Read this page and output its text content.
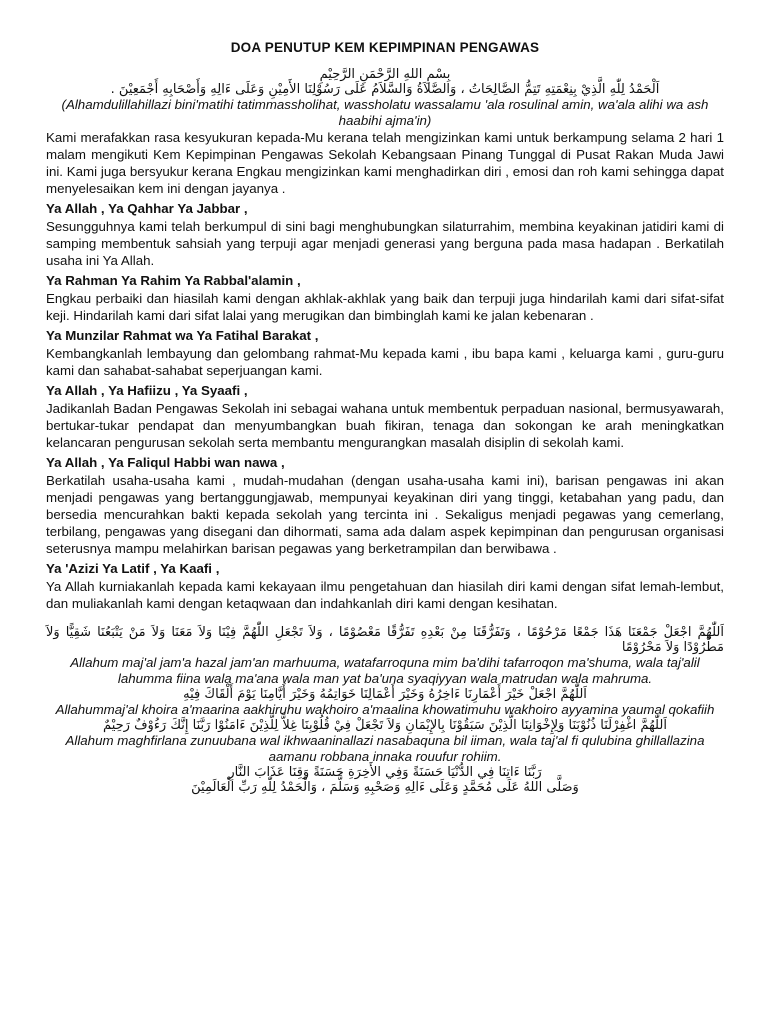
DOA PENUTUP KEM KEPIMPINAN PENGAWAS

بِسْمِ اللهِ الرَّحْمَنِ الرَّحِيْمِ

اَلْحَمْدُ لِلّٰهِ الَّذِيْ بِنِعْمَتِهِ تَتِمُّ الصَّالِحَاتُ ، وَالصَّلاَةُ وَالسَّلاَمُ عَلَى رَسُوْلِنَا الأَمِيْنِ وَعَلَى ءَالِهِ وَأَصْحَابِهِ أَجْمَعِيْنَ .

(Alhamdulillahillazi bini'matihi tatimmassholihat, wassholatu wassalamu 'ala rosulinal amin, wa'ala alihi wa ash haabihi ajma'in)

Kami merafakkan rasa kesyukuran kepada-Mu kerana telah mengizinkan kami untuk berkampung selama 2 hari 1 malam mengikuti Kem Kepimpinan Pengawas Sekolah Kebangsaan Pinang Tunggal di Pusat Rakan Muda Jawi ini. Kami juga bersyukur kerana Engkau mengizinkan kami menghadirkan diri , emosi dan roh kami sehingga dapat menyelesaikan kem ini dengan jayanya .

Ya Allah , Ya Qahhar Ya Jabbar ,

Sesungguhnya kami telah berkumpul di sini bagi menghubungkan silaturrahim, membina keyakinan jatidiri kami di samping membentuk sahsiah yang terpuji agar menjadi generasi yang berguna pada masa hadapan . Berkatilah usaha ini Ya Allah.

Ya Rahman Ya Rahim Ya Rabbal'alamin ,

Engkau perbaiki dan hiasilah kami dengan akhlak-akhlak yang baik dan terpuji juga hindarilah kami dari sifat-sifat keji. Hindarilah kami dari sifat lalai yang merugikan dan bimbinglah kami ke jalan kebenaran .

Ya Munzilar Rahmat wa Ya Fatihal Barakat ,

Kembangkanlah lembayung dan gelombang rahmat-Mu kepada kami , ibu bapa kami , keluarga kami , guru-guru kami dan sahabat-sahabat seperjuangan kami.

Ya Allah , Ya Hafiizu , Ya Syaafi ,

Jadikanlah Badan Pengawas Sekolah ini sebagai wahana untuk membentuk perpaduan nasional, bermusyawarah, bertukar-tukar pendapat dan menyumbangkan buah fikiran, tenaga dan sokongan ke arah meningkatkan kelancaran pengurusan sekolah serta membantu mengurangkan masalah disiplin di sekolah kami.

Ya Allah , Ya Faliqul Habbi wan nawa ,

Berkatilah usaha-usaha kami , mudah-mudahan (dengan usaha-usaha kami ini), barisan pengawas ini akan menjadi pengawas yang bertanggungjawab, mempunyai keyakinan diri yang tinggi, ketabahan yang padu, dan bersedia mencurahkan bakti kepada sekolah yang tercinta ini . Sekaligus menjadi pegawas yang cemerlang, terbilang, pengawas yang disegani dan dihormati, sama ada dalam aspek kepimpinan dan pengurusan organisasi seterusnya mampu melahirkan barisan pegawas yang berketrampilan dan berwibawa .

Ya 'Azizi Ya Latif , Ya Kaafi ,

Ya Allah kurniakanlah kepada kami kekayaan ilmu pengetahuan dan hiasilah diri kami dengan sifat lemah-lembut, dan muliakanlah kami dengan ketaqwaan dan indahkanlah diri kami dengan kesihatan.

اَللّٰهُمَّ اجْعَلْ جَمْعَنَا هَذَا جَمْعًا مَرْحُوْمًا ، وَتَفَرُّقَنَا مِنْ بَعْدِهِ تَفَرُّقًا مَعْصُوْمًا ، وَلاَ تَجْعَلِ اللّٰهُمَّ فِيْنَا وَلاَ مَعَنَا وَلاَ مَنْ يَتْبَعُنَا شَقِيًّا وَلاَ مَطْرُوْدًا وَلاَ مَحْرُوْمًا

Allahum maj'al jam'a hazal jam'an marhuuma, watafarroquna mim ba'dihi tafarroqon ma'shuma, wala taj'alil lahumma fiina wala ma'ana wala man yat ba'una syaqiyyan wala matrudan wala mahruma.

اَللّٰهُمَّ اجْعَلْ خَيْرَ أَعْمَارِنَا ءَاخِرُهُ وَخَيْرَ أَعْمَالِنَا خَوَاتِمُهُ وَخَيْرَ أَيَّامِنَا يَوْمَ أَلْقَاكَ فِيْهِ

Allahummaj'al khoira a'maarina aakhiruhu wakhoiro a'maalina khowatimuhu wakhoiro ayyamina yaumal qokafiih

اَللّٰهُمَّ اغْفِرْلَنَا ذُنُوْبَنَا وَلِإِخْوَانِنَا الَّذِيْنَ سَبَقُوْنَا بِالإِيْمَانِ وَلاَ تَجْعَلْ فِيْ قُلُوْبِنَا غِلاًّ لِلَّذِيْنَ ءَامَنُوْا رَبَّنَا إِنَّكَ رَءُوْفٌ رَحِيْمٌ

Allahum maghfirlana zunuubana wal ikhwaaninallazi nasabaquna bil iiman, wala taj'al fi qulubina ghillallazina aamanu robbana innaka rouufur rohiim.

رَبَّنَا ءَاتِنَا فِي الدُّنْيَا حَسَنَةً وَفِي الأَخِرَةِ حَسَنَةً وَقِنَا عَذَابَ النَّارِ

وَصَلَّى اللهُ عَلَى مُحَمَّدٍ وَعَلَى ءَالِهِ وَصَحْبِهِ وَسَلَّمَ ، وَالْحَمْدُ لِلّٰهِ رَبِّ الْعَالَمِيْنَ
